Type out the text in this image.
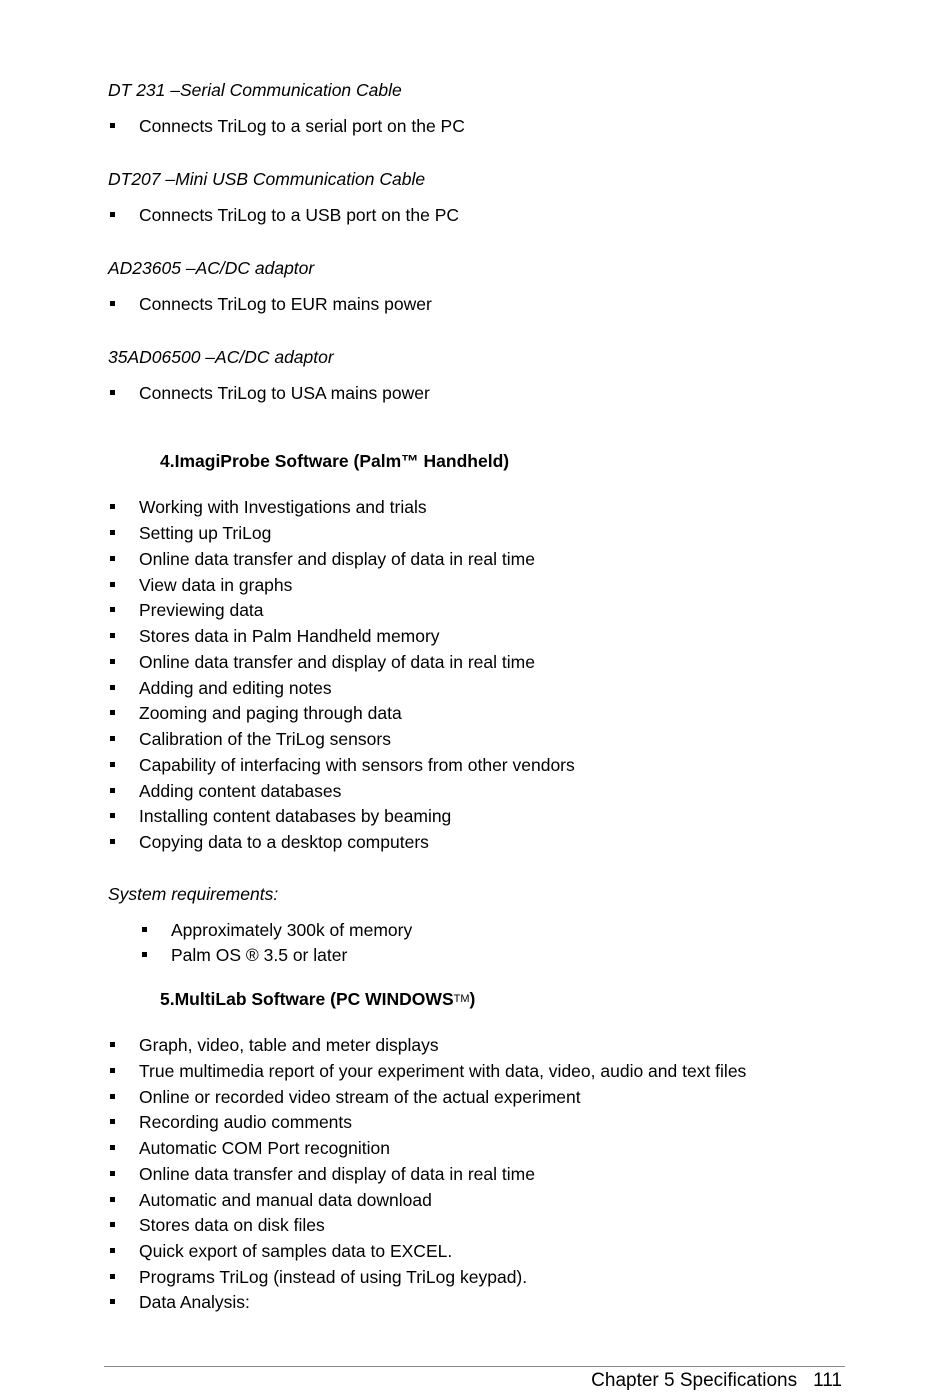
DT 231 –Serial Communication Cable
Connects TriLog to a serial port on the PC
DT207 –Mini USB Communication Cable
Connects TriLog to a USB port on the PC
AD23605 –AC/DC adaptor
Connects TriLog to EUR mains power
35AD06500 –AC/DC adaptor
Connects TriLog to USA mains power
4.ImagiProbe Software (Palm™ Handheld)
Working with Investigations and trials
Setting up TriLog
Online data transfer and display of data in real time
View data in graphs
Previewing data
Stores data in Palm Handheld memory
Online data transfer and display of data in real time
Adding and editing notes
Zooming and paging through data
Calibration of the TriLog sensors
Capability of interfacing with sensors from other vendors
Adding content databases
Installing content databases by beaming
Copying data to a desktop computers
System requirements:
Approximately 300k of memory
Palm OS ® 3.5 or later
5.MultiLab Software (PC WINDOWSTM)
Graph, video, table and meter displays
True multimedia report of your experiment with data, video, audio and text files
Online or recorded video stream of the actual experiment
Recording audio comments
Automatic COM Port recognition
Online data transfer and display of data in real time
Automatic and manual data download
Stores data on disk files
Quick export of samples data to EXCEL.
Programs TriLog (instead of using TriLog keypad).
Data Analysis:
Chapter 5 Specifications 111
